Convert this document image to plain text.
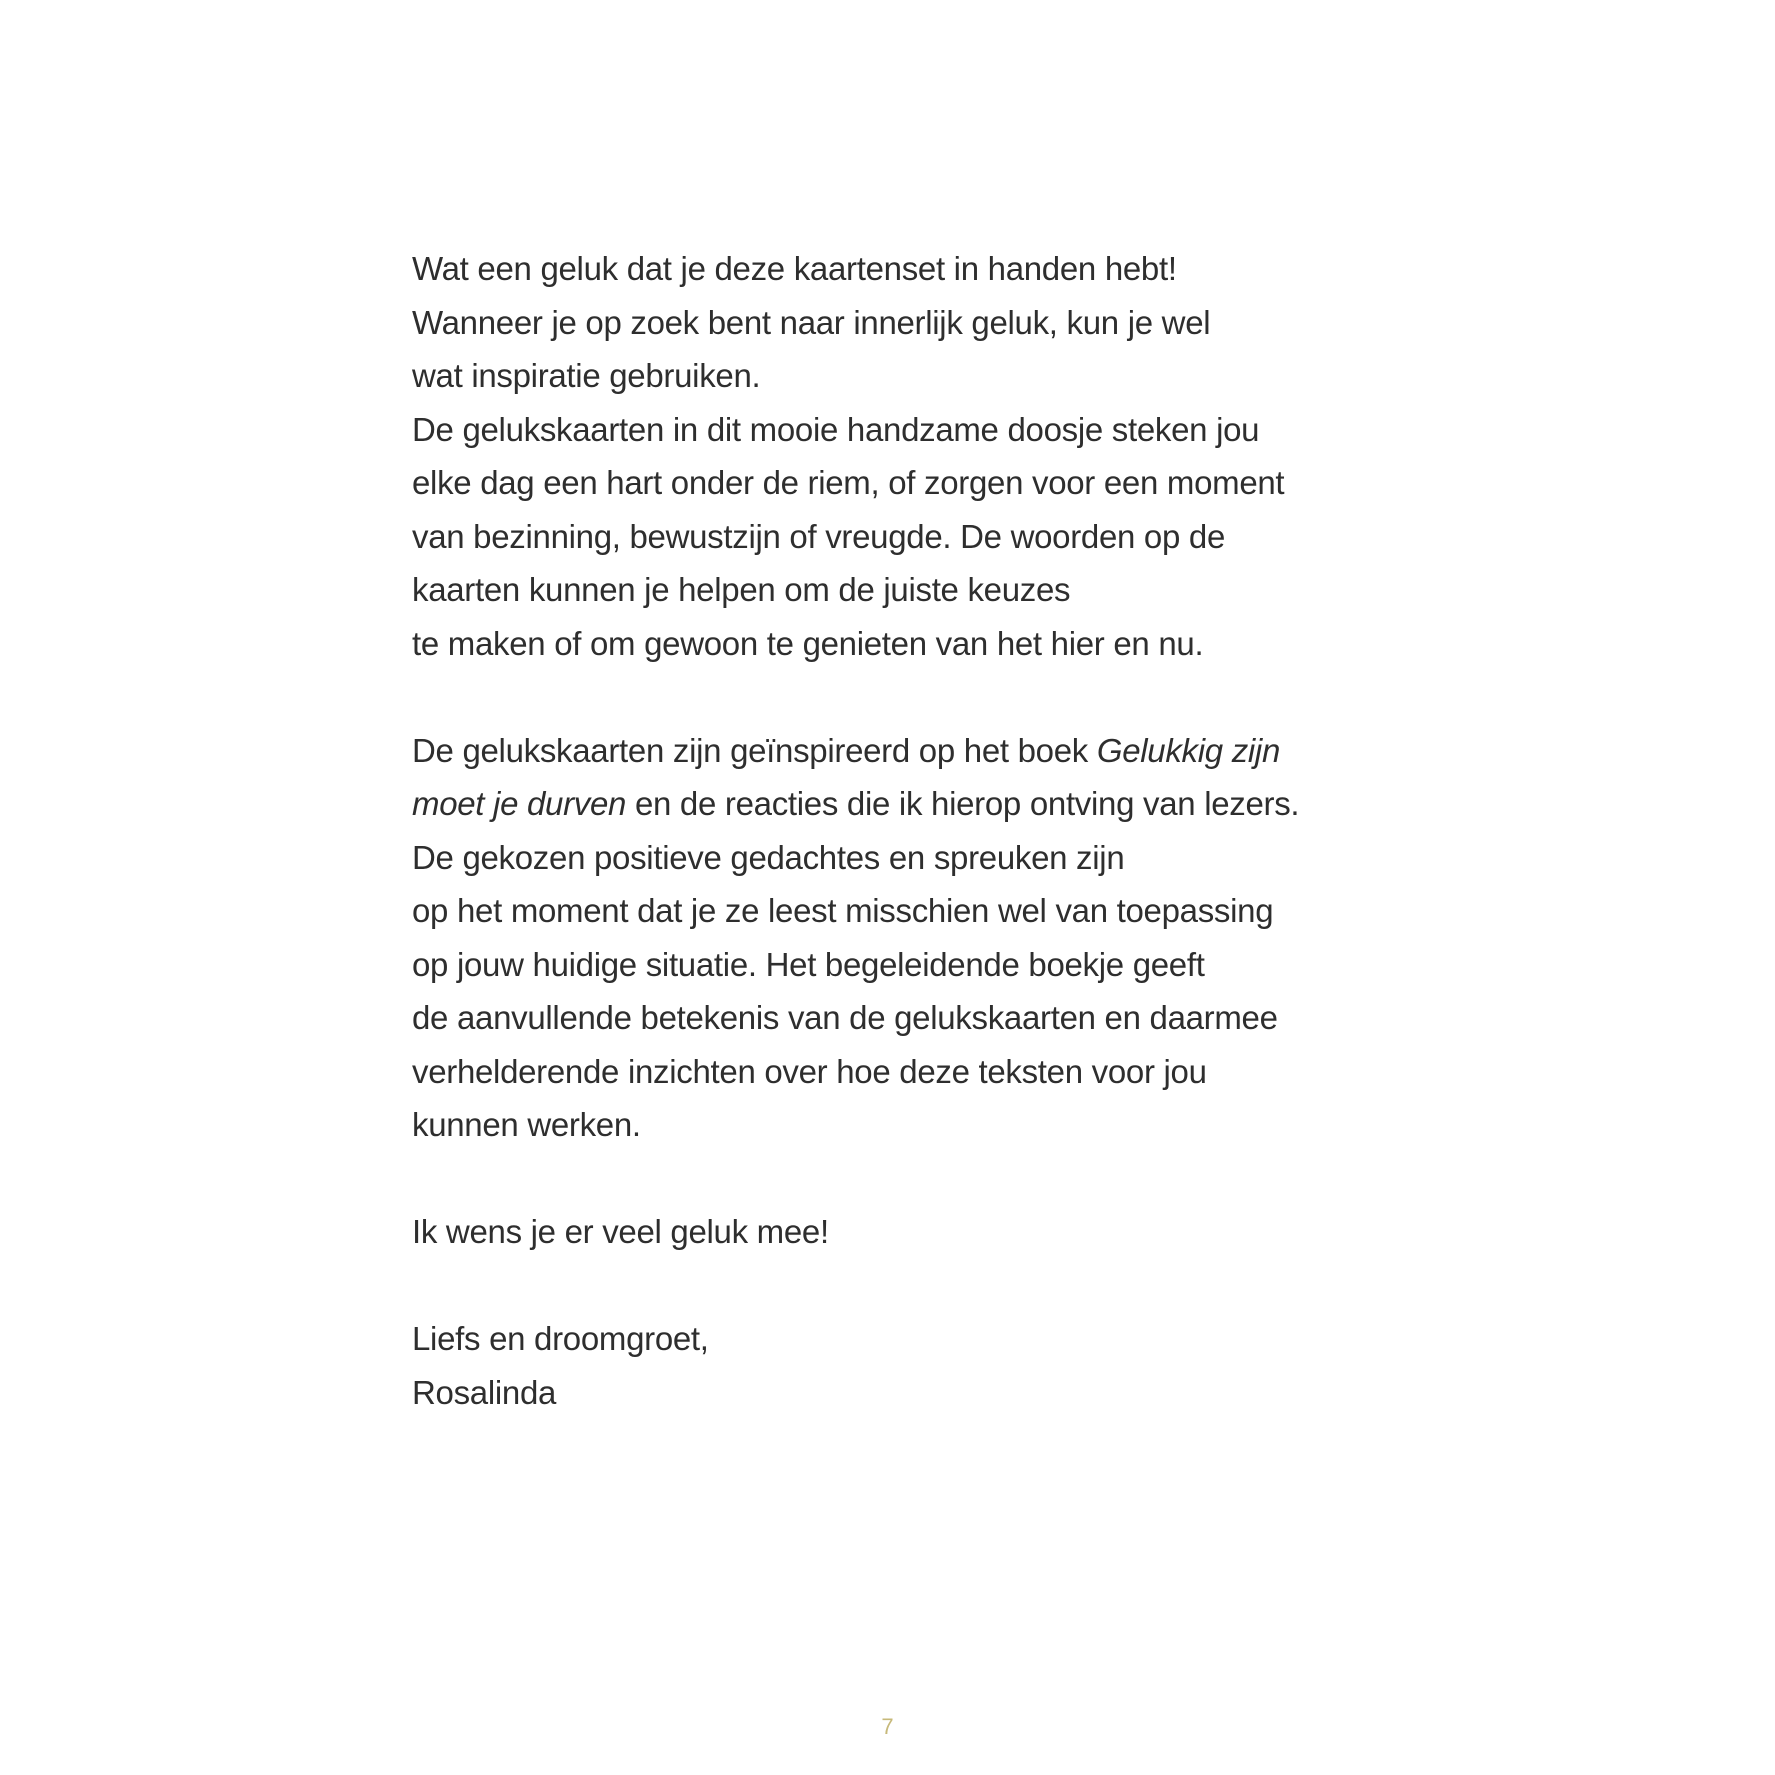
Wat een geluk dat je deze kaartenset in handen hebt!
Wanneer je op zoek bent naar innerlijk geluk, kun je wel
wat inspiratie gebruiken.
De gelukskaarten in dit mooie handzame doosje steken jou
elke dag een hart onder de riem, of zorgen voor een moment
van bezinning, bewustzijn of vreugde. De woorden op de
kaarten kunnen je helpen om de juiste keuzes
te maken of om gewoon te genieten van het hier en nu.
De gelukskaarten zijn geïnspireerd op het boek Gelukkig zijn
moet je durven en de reacties die ik hierop ontving van lezers.
De gekozen positieve gedachtes en spreuken zijn
op het moment dat je ze leest misschien wel van toepassing
op jouw huidige situatie. Het begeleidende boekje geeft
de aanvullende betekenis van de gelukskaarten en daarmee
verhelderende inzichten over hoe deze teksten voor jou
kunnen werken.
Ik wens je er veel geluk mee!
Liefs en droomgroet,
Rosalinda
7
